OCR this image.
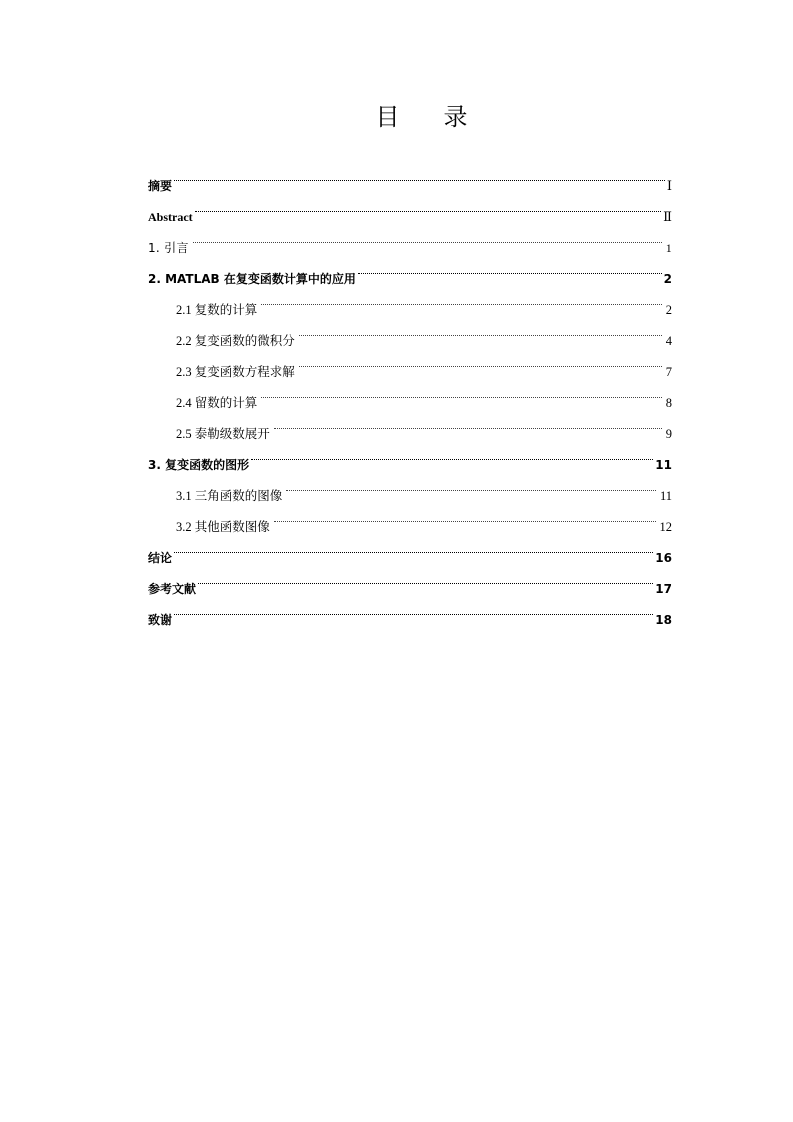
目 录
摘要	Ⅰ
Abstract	Ⅱ
1. 引言	1
2. MATLAB 在复变函数计算中的应用	2
2.1 复数的计算	2
2.2 复变函数的微积分	4
2.3 复变函数方程求解	7
2.4 留数的计算	8
2.5 泰勒级数展开	9
3. 复变函数的图形	11
3.1 三角函数的图像	11
3.2 其他函数图像	12
结论	16
参考文献	17
致谢	18
